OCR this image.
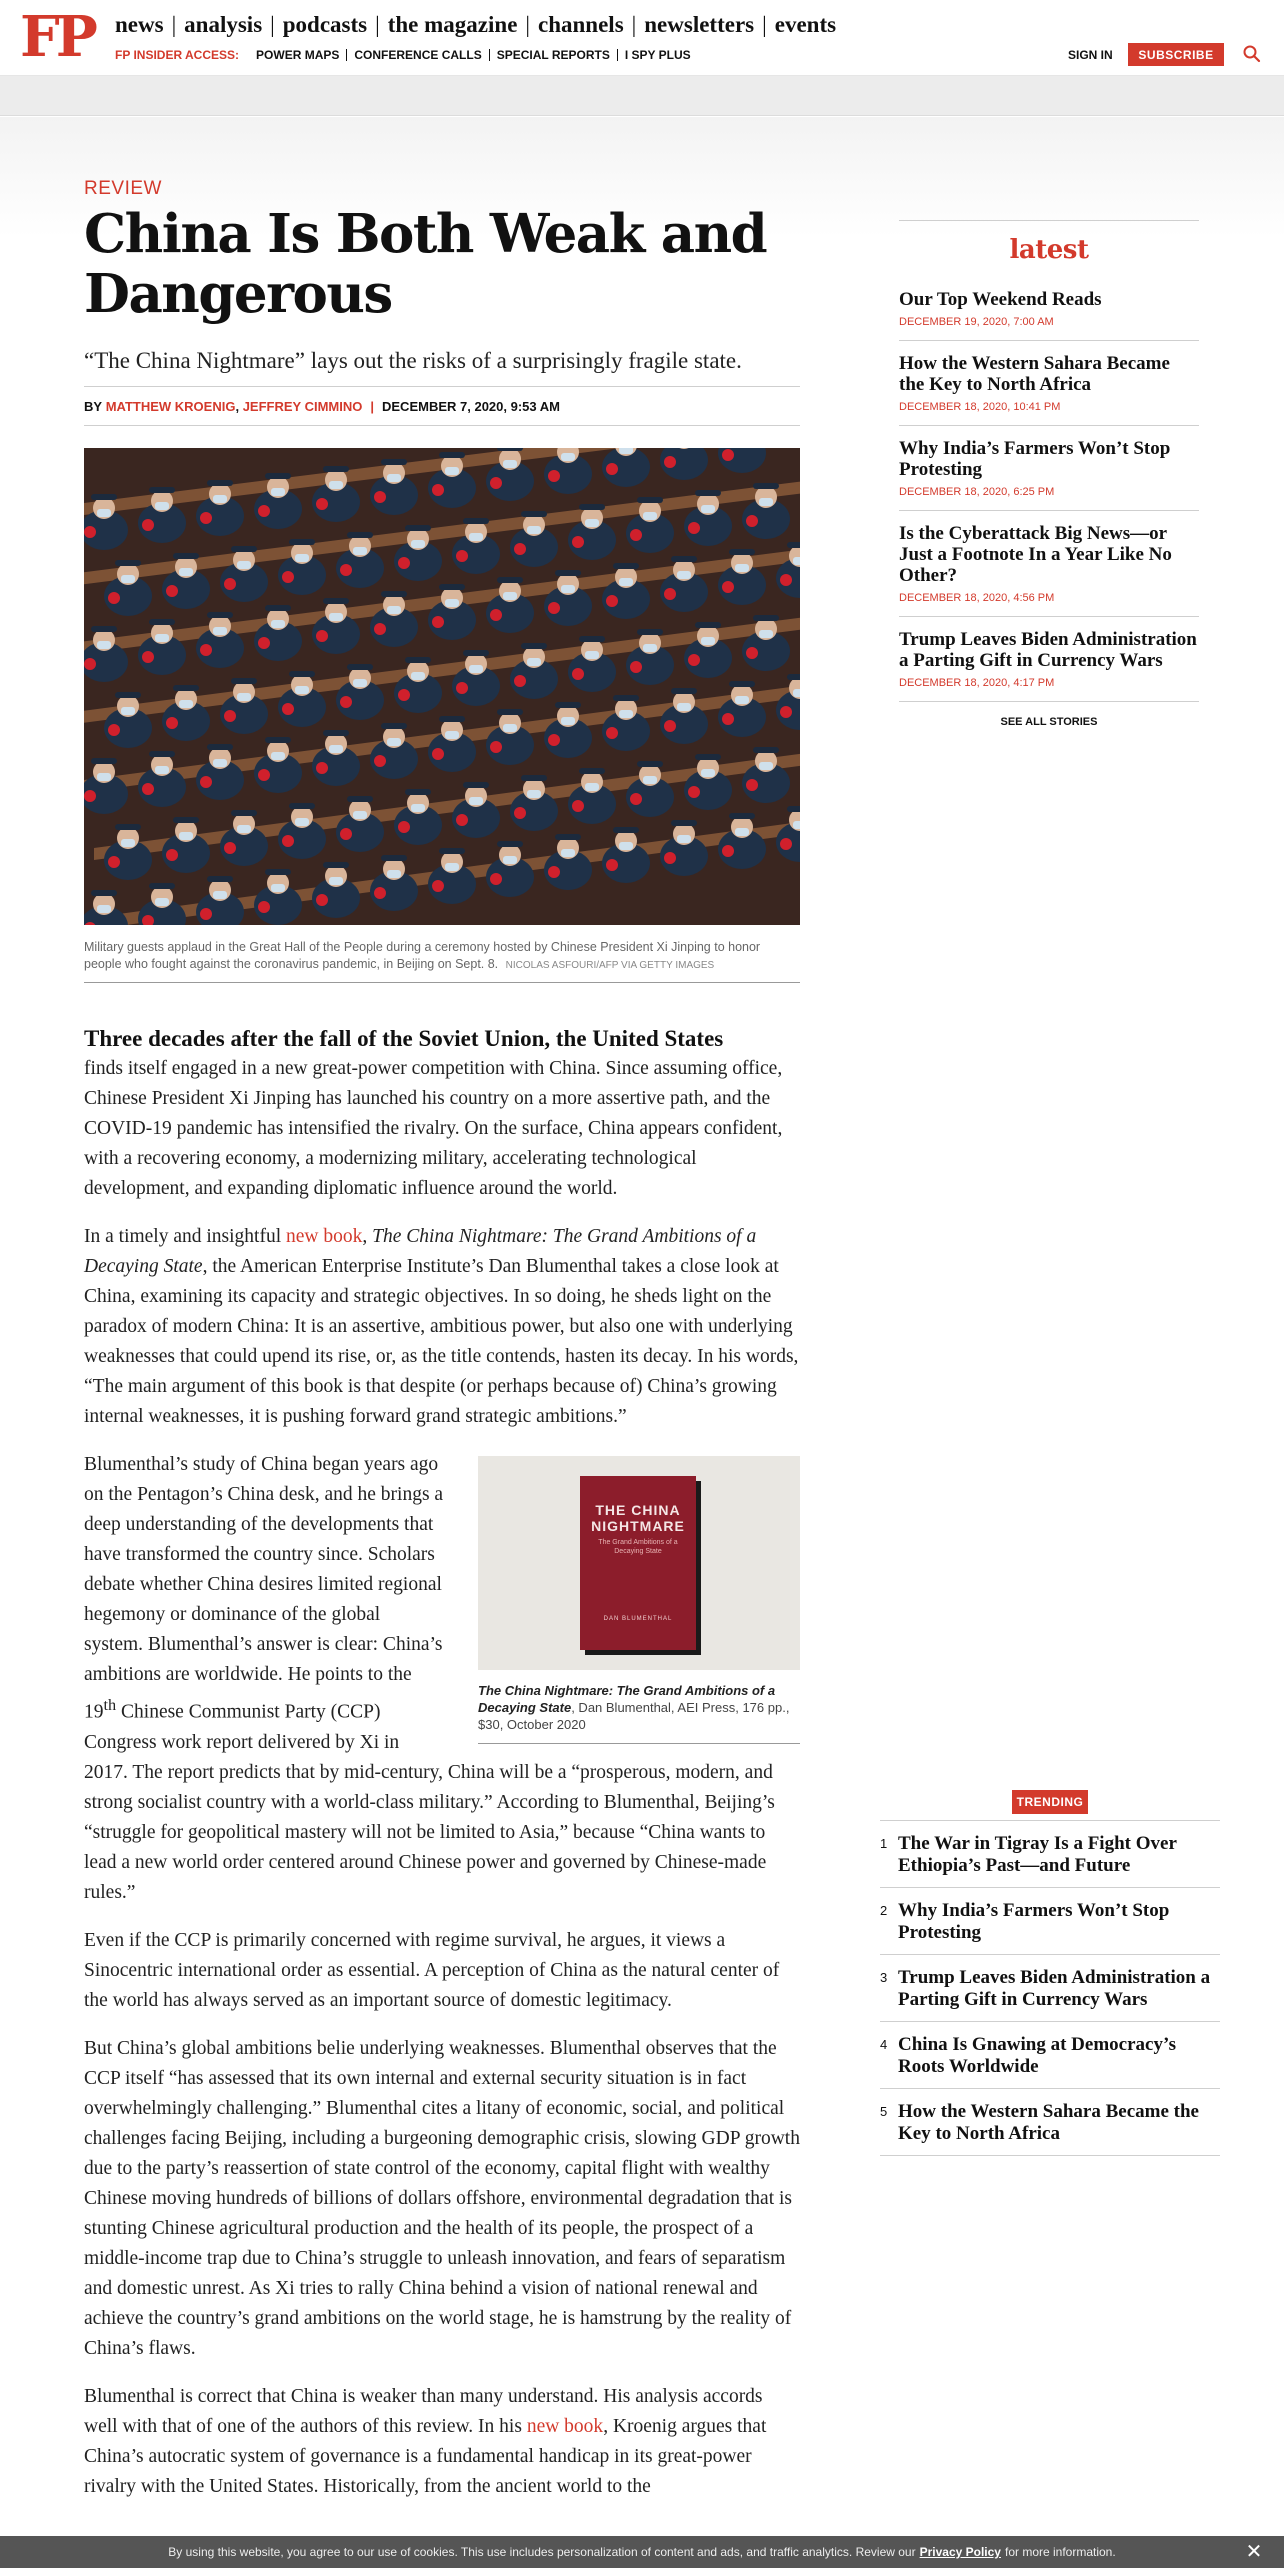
FP news | analysis | podcasts | the magazine | channels | newsletters | events
FP INSIDER ACCESS:	POWER MAPS	CONFERENCE CALLS	SPECIAL REPORTS	I SPY PLUS	SIGN IN	SUBSCRIBE
REVIEW
China Is Both Weak and Dangerous
“The China Nightmare” lays out the risks of a surprisingly fragile state.
BY
MATTHEW KROENIG ,
JEFFREY CIMMINO | DECEMBER 7, 2020, 9:53 AM
Military guests applaud in the Great Hall of the People during a ceremony hosted by Chinese President Xi Jinping to honor people who fought against the coronavirus pandemic, in Beijing on Sept. 8. NICOLAS ASFOURI/AFP VIA GETTY IMAGES
Three decades after the fall of the Soviet Union, the United States

finds itself engaged in a new great-power competition with China. Since assuming office, Chinese President Xi Jinping has launched his country on a more assertive path, and the COVID-19 pandemic has intensified the rivalry. On the surface, China appears confident, with a recovering economy, a modernizing military, accelerating technological development, and expanding diplomatic influence around the world.

In a timely and insightful new book, The China Nightmare: The Grand Ambitions of a Decaying State, the American Enterprise Institute’s Dan Blumenthal takes a close look at China, examining its capacity and strategic objectives. In so doing, he sheds light on the paradox of modern China: It is an assertive, ambitious power, but also one with underlying weaknesses that could upend its rise, or, as the title contends, hasten its decay. In his words, “The main argument of this book is that despite (or perhaps because of) China’s growing internal weaknesses, it is pushing forward grand strategic ambitions.”

THE CHINA NIGHTMARE
The Grand Ambitions of a Decaying State
DAN BLUMENTHAL
The China Nightmare: The Grand Ambitions of a Decaying State, Dan Blumenthal, AEI Press, 176 pp., $30, October 2020

Blumenthal’s study of China began years ago on the Pentagon’s China desk, and he brings a deep understanding of the developments that have transformed the country since. Scholars debate whether China desires limited regional hegemony or dominance of the global system. Blumenthal’s answer is clear: China’s ambitions are worldwide. He points to the 19th Chinese Communist Party (CCP) Congress work report delivered by Xi in 2017. The report predicts that by mid-century, China will be a “prosperous, modern, and strong socialist country with a world-class military.” According to Blumenthal, Beijing’s “struggle for geopolitical mastery will not be limited to Asia,” because “China wants to lead a new world order centered around Chinese power and governed by Chinese-made rules.”

Even if the CCP is primarily concerned with regime survival, he argues, it views a Sinocentric international order as essential. A perception of China as the natural center of the world has always served as an important source of domestic legitimacy.

But China’s global ambitions belie underlying weaknesses. Blumenthal observes that the CCP itself “has assessed that its own internal and external security situation is in fact overwhelmingly challenging.” Blumenthal cites a litany of economic, social, and political challenges facing Beijing, including a burgeoning demographic crisis, slowing GDP growth due to the party’s reassertion of state control of the economy, capital flight with wealthy Chinese moving hundreds of billions of dollars offshore, environmental degradation that is stunting Chinese agricultural production and the health of its people, the prospect of a middle-income trap due to China’s struggle to unleash innovation, and fears of separatism and domestic unrest. As Xi tries to rally China behind a vision of national renewal and achieve the country’s grand ambitions on the world stage, he is hamstrung by the reality of China’s flaws.

Blumenthal is correct that China is weaker than many understand. His analysis accords well with that of one of the authors of this review. In his new book, Kroenig argues that China’s autocratic system of governance is a fundamental handicap in its great-power rivalry with the United States. Historically, from the ancient world to the

latest
Our Top Weekend Reads
DECEMBER 19, 2020, 7:00 AM
How the Western Sahara Became the Key to North Africa
DECEMBER 18, 2020, 10:41 PM
Why India’s Farmers Won’t Stop Protesting
DECEMBER 18, 2020, 6:25 PM
Is the Cyberattack Big News—or Just a Footnote In a Year Like No Other?
DECEMBER 18, 2020, 4:56 PM
Trump Leaves Biden Administration a Parting Gift in Currency Wars
DECEMBER 18, 2020, 4:17 PM
SEE ALL STORIES
TRENDING
1 The War in Tigray Is a Fight Over Ethiopia’s Past—and Future
2 Why India’s Farmers Won’t Stop Protesting
3 Trump Leaves Biden Administration a Parting Gift in Currency Wars
4 China Is Gnawing at Democracy’s Roots Worldwide
5 How the Western Sahara Became the Key to North Africa
By using this website, you agree to our use of cookies. This use includes personalization of content and ads, and traffic analytics. Review our Privacy Policy for more information.	✕
